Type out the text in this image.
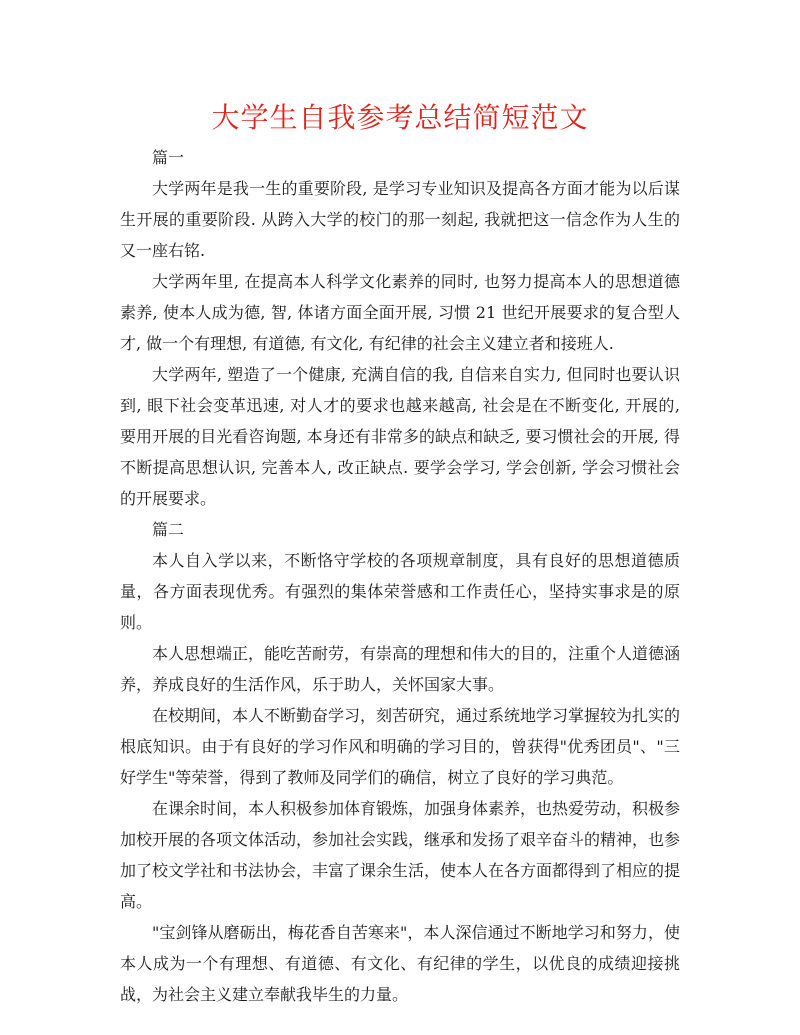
大学生自我参考总结简短范文

篇一

大学两年是我一生的重要阶段, 是学习专业知识及提高各方面才能为以后谋生开展的重要阶段. 从跨入大学的校门的那一刻起, 我就把这一信念作为人生的又一座右铭.

大学两年里, 在提高本人科学文化素养的同时, 也努力提高本人的思想道德素养, 使本人成为德, 智, 体诸方面全面开展, 习惯 21 世纪开展要求的复合型人才, 做一个有理想, 有道德, 有文化, 有纪律的社会主义建立者和接班人.

大学两年, 塑造了一个健康, 充满自信的我, 自信来自实力, 但同时也要认识到, 眼下社会变革迅速, 对人才的要求也越来越高, 社会是在不断变化, 开展的, 要用开展的目光看咨询题, 本身还有非常多的缺点和缺乏, 要习惯社会的开展, 得不断提高思想认识, 完善本人, 改正缺点. 要学会学习, 学会创新, 学会习惯社会的开展要求。

篇二

本人自入学以来，不断恪守学校的各项规章制度，具有良好的思想道德质量，各方面表现优秀。有强烈的集体荣誉感和工作责任心，坚持实事求是的原则。

本人思想端正，能吃苦耐劳，有崇高的理想和伟大的目的，注重个人道德涵养，养成良好的生活作风，乐于助人，关怀国家大事。

在校期间，本人不断勤奋学习，刻苦研究，通过系统地学习掌握较为扎实的根底知识。由于有良好的学习作风和明确的学习目的，曾获得"优秀团员"、"三好学生"等荣誉，得到了教师及同学们的确信，树立了良好的学习典范。

在课余时间，本人积极参加体育锻炼，加强身体素养，也热爱劳动，积极参加校开展的各项文体活动，参加社会实践，继承和发扬了艰辛奋斗的精神，也参加了校文学社和书法协会，丰富了课余生活，使本人在各方面都得到了相应的提高。

"宝剑锋从磨砺出，梅花香自苦寒来"，本人深信通过不断地学习和努力，使本人成为一个有理想、有道德、有文化、有纪律的学生，以优良的成绩迎接挑战，为社会主义建立奉献我毕生的力量。
